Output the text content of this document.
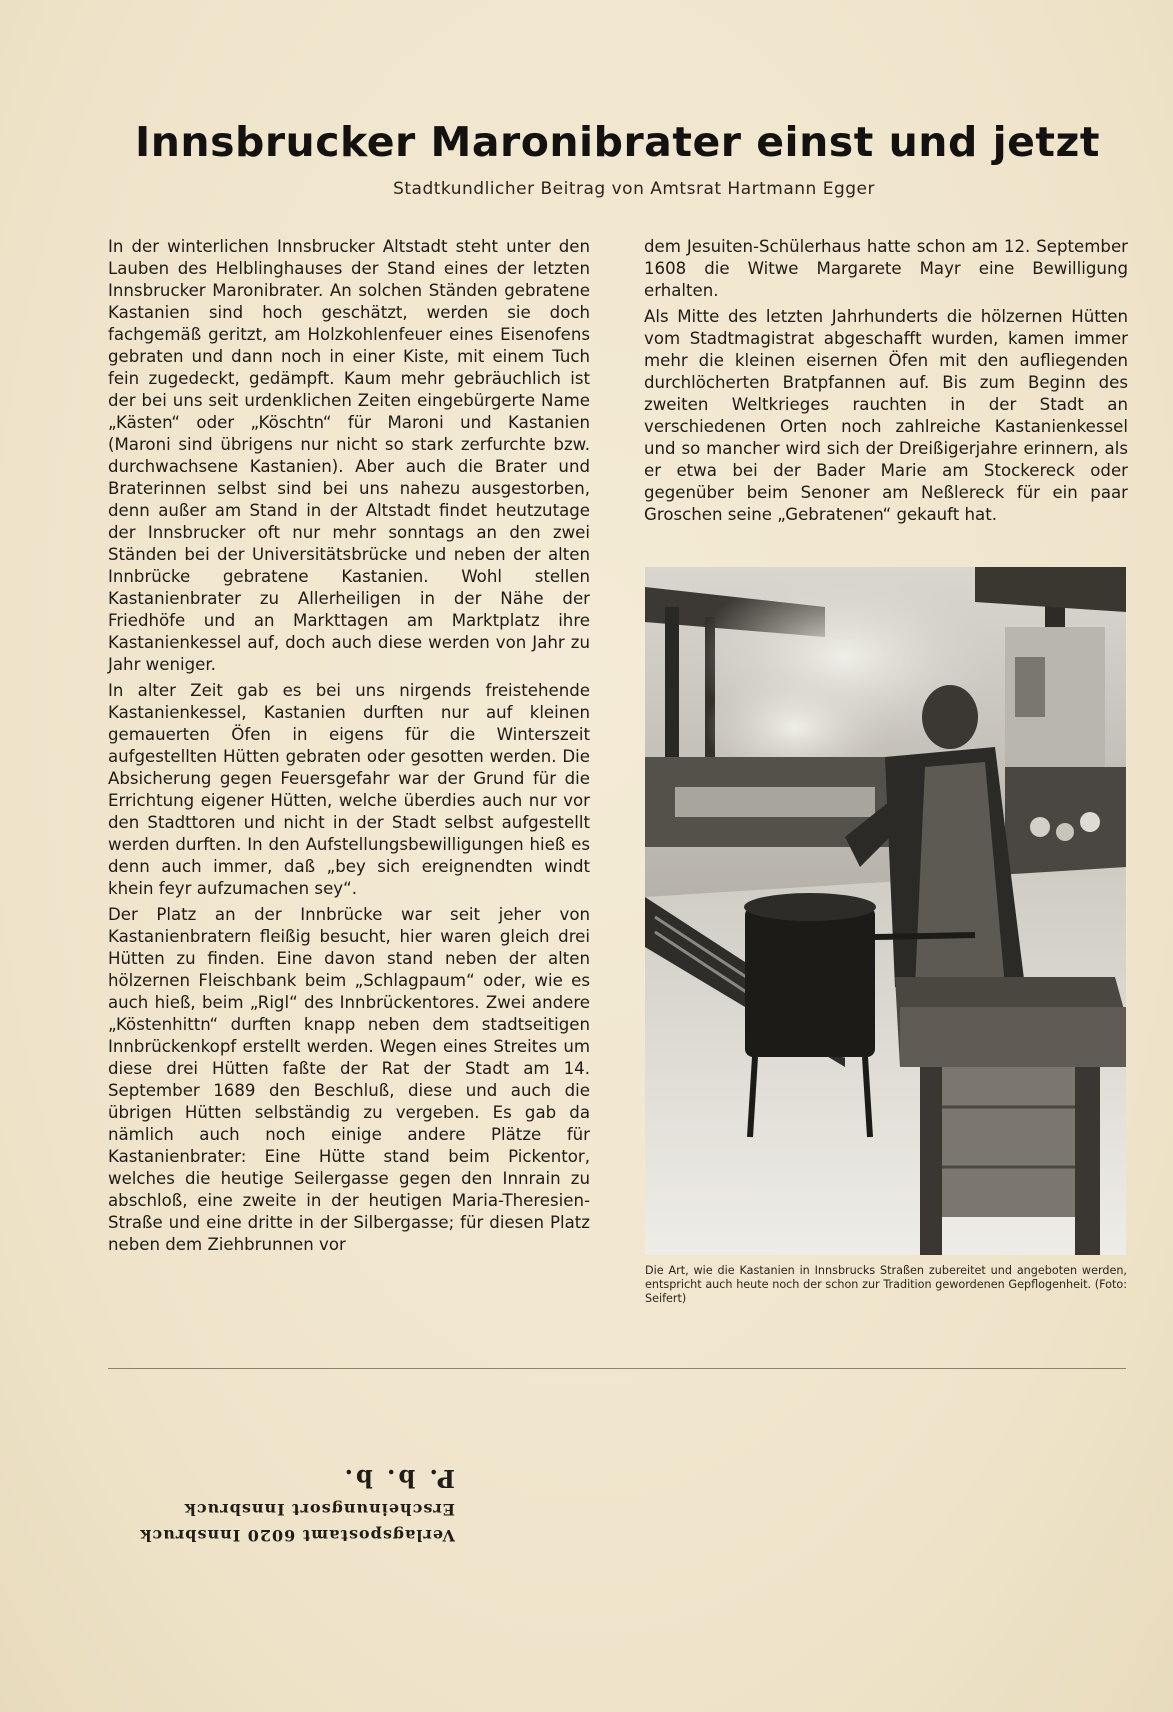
Innsbrucker Maronibrater einst und jetzt
Stadtkundlicher Beitrag von Amtsrat Hartmann Egger

In der winterlichen Innsbrucker Altstadt steht unter den Lauben des Helblinghauses der Stand eines der letzten Innsbrucker Maronibrater. An solchen Ständen gebratene Kastanien sind hoch geschätzt, werden sie doch fachgemäß geritzt, am Holzkohlenfeuer eines Eisenofens gebraten und dann noch in einer Kiste, mit einem Tuch fein zugedeckt, gedämpft. Kaum mehr gebräuchlich ist der bei uns seit urdenklichen Zeiten eingebürgerte Name „Kästen“ oder „Köschtn“ für Maroni und Kastanien (Maroni sind übrigens nur nicht so stark zerfurchte bzw. durchwachsene Kastanien). Aber auch die Brater und Braterinnen selbst sind bei uns nahezu ausgestorben, denn außer am Stand in der Altstadt findet heutzutage der Innsbrucker oft nur mehr sonntags an den zwei Ständen bei der Universitätsbrücke und neben der alten Innbrücke gebratene Kastanien. Wohl stellen Kastanienbrater zu Allerheiligen in der Nähe der Friedhöfe und an Markttagen am Marktplatz ihre Kastanienkessel auf, doch auch diese werden von Jahr zu Jahr weniger.

In alter Zeit gab es bei uns nirgends freistehende Kastanienkessel, Kastanien durften nur auf kleinen gemauerten Öfen in eigens für die Winterszeit aufgestellten Hütten gebraten oder gesotten werden. Die Absicherung gegen Feuersgefahr war der Grund für die Errichtung eigener Hütten, welche überdies auch nur vor den Stadttoren und nicht in der Stadt selbst aufgestellt werden durften. In den Aufstellungsbewilligungen hieß es denn auch immer, daß „bey sich ereignendten windt khein feyr aufzumachen sey“.

Der Platz an der Innbrücke war seit jeher von Kastanienbratern fleißig besucht, hier waren gleich drei Hütten zu finden. Eine davon stand neben der alten hölzernen Fleischbank beim „Schlagpaum“ oder, wie es auch hieß, beim „Rigl“ des Innbrückentores. Zwei andere „Köstenhittn“ durften knapp neben dem stadtseitigen Innbrückenkopf erstellt werden. Wegen eines Streites um diese drei Hütten faßte der Rat der Stadt am 14. September 1689 den Beschluß, diese und auch die übrigen Hütten selbständig zu vergeben. Es gab da nämlich auch noch einige andere Plätze für Kastanienbrater: Eine Hütte stand beim Pickentor, welches die heutige Seilergasse gegen den Innrain zu abschloß, eine zweite in der heutigen Maria-Theresien-Straße und eine dritte in der Silbergasse; für diesen Platz neben dem Ziehbrunnen vor

dem Jesuiten-Schülerhaus hatte schon am 12. September 1608 die Witwe Margarete Mayr eine Bewilligung erhalten.

Als Mitte des letzten Jahrhunderts die hölzernen Hütten vom Stadtmagistrat abgeschafft wurden, kamen immer mehr die kleinen eisernen Öfen mit den aufliegenden durchlöcherten Bratpfannen auf. Bis zum Beginn des zweiten Weltkrieges rauchten in der Stadt an verschiedenen Orten noch zahlreiche Kastanienkessel und so mancher wird sich der Dreißigerjahre erinnern, als er etwa bei der Bader Marie am Stockereck oder gegenüber beim Senoner am Neßlereck für ein paar Groschen seine „Gebratenen“ gekauft hat.

Die Art, wie die Kastanien in Innsbrucks Straßen zubereitet und angeboten werden, entspricht auch heute noch der schon zur Tradition gewordenen Gepflogenheit. (Foto: Seifert)
Verlagspostamt 6020 Innsbruck
Erscheinungsort Innsbruck
P. b. b.
